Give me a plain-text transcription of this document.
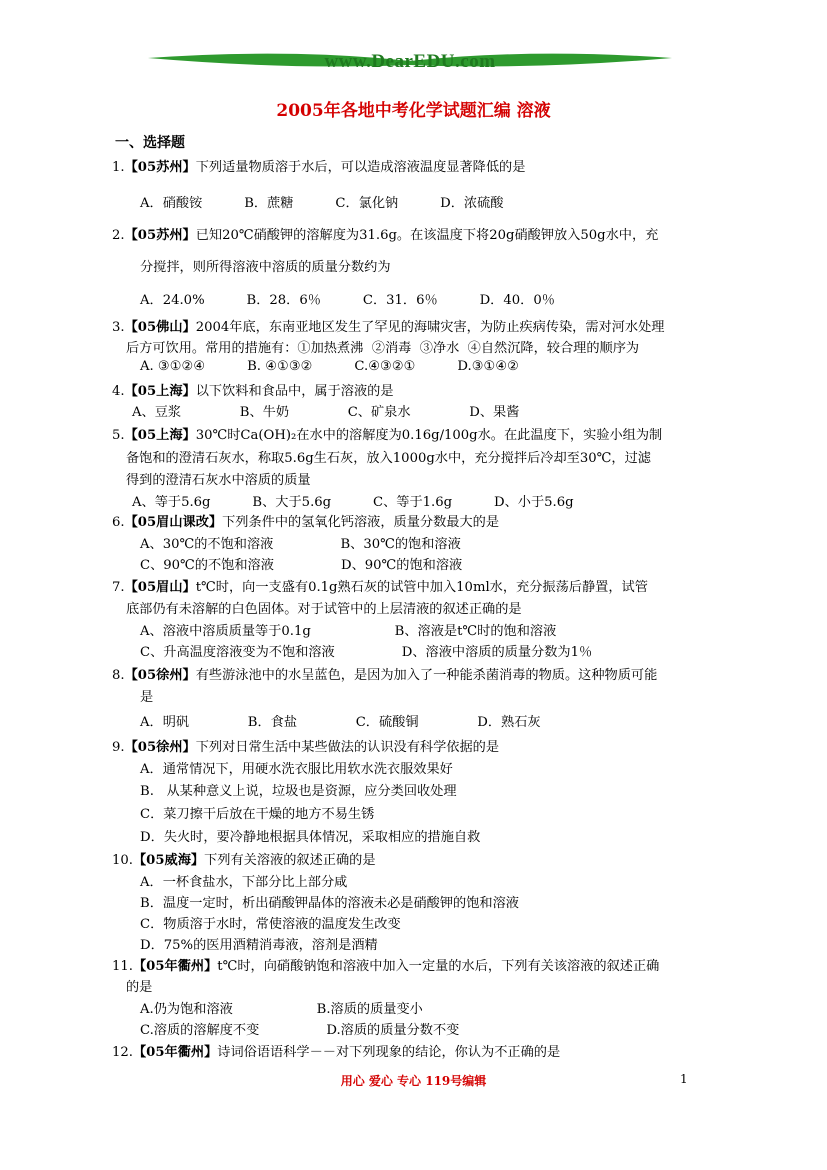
www.DearEDU.com
2005年各地中考化学试题汇编 溶液
一、选择题
1.【05苏州】下列适量物质溶于水后，可以造成溶液温度显著降低的是
A．硝酸铵          B．蔗糖          C．氯化钠          D．浓硫酸
2.【05苏州】已知20℃硝酸钾的溶解度为31.6g。在该温度下将20g硝酸钾放入50g水中，充
分搅拌，则所得溶液中溶质的质量分数约为
A．24.0%          B．28．6％          C．31．6％          D．40．0％
3.【05佛山】2004年底，东南亚地区发生了罕见的海啸灾害，为防止疾病传染，需对河水处理
后方可饮用。常用的措施有：①加热煮沸  ②消毒  ③净水  ④自然沉降，较合理的顺序为
A. ③①②④          B. ④①③②          C.④③②①          D.③①④②
4.【05上海】以下饮料和食品中，属于溶液的是
A、豆浆              B、牛奶              C、矿泉水              D、果酱
5.【05上海】30℃时Ca(OH)₂在水中的溶解度为0.16g/100g水。在此温度下，实验小组为制
备饱和的澄清石灰水，称取5.6g生石灰，放入1000g水中，充分搅拌后冷却至30℃，过滤
得到的澄清石灰水中溶质的质量
A、等于5.6g          B、大于5.6g          C、等于1.6g          D、小于5.6g
6.【05眉山课改】下列条件中的氢氧化钙溶液，质量分数最大的是
A、30℃的不饱和溶液                B、30℃的饱和溶液
C、90℃的不饱和溶液                D、90℃的饱和溶液
7.【05眉山】t℃时，向一支盛有0.1g熟石灰的试管中加入10ml水，充分振荡后静置，试管
底部仍有未溶解的白色固体。对于试管中的上层清液的叙述正确的是
A、溶液中溶质质量等于0.1g                    B、溶液是t℃时的饱和溶液
C、升高温度溶液变为不饱和溶液                D、溶液中溶质的质量分数为1％
8.【05徐州】有些游泳池中的水呈蓝色，是因为加入了一种能杀菌消毒的物质。这种物质可能
是
A．明矾              B．食盐              C．硫酸铜              D．熟石灰
9.【05徐州】下列对日常生活中某些做法的认识没有科学依据的是
A．通常情况下，用硬水洗衣服比用软水洗衣服效果好
B.   从某种意义上说，垃圾也是资源，应分类回收处理
C．菜刀擦干后放在干燥的地方不易生锈
D．失火时，要冷静地根据具体情况，采取相应的措施自救
10.【05威海】下列有关溶液的叙述正确的是
A．一杯食盐水，下部分比上部分咸
B．温度一定时，析出硝酸钾晶体的溶液未必是硝酸钾的饱和溶液
C．物质溶于水时，常使溶液的温度发生改变
D．75%的医用酒精消毒液，溶剂是酒精
11.【05年衢州】t℃时，向硝酸钠饱和溶液中加入一定量的水后，下列有关该溶液的叙述正确
的是
A.仍为饱和溶液                    B.溶质的质量变小
C.溶质的溶解度不变                D.溶质的质量分数不变
12.【05年衢州】诗词俗语语科学－－对下列现象的结论，你认为不正确的是
用心 爱心 专心 119号编辑	1
